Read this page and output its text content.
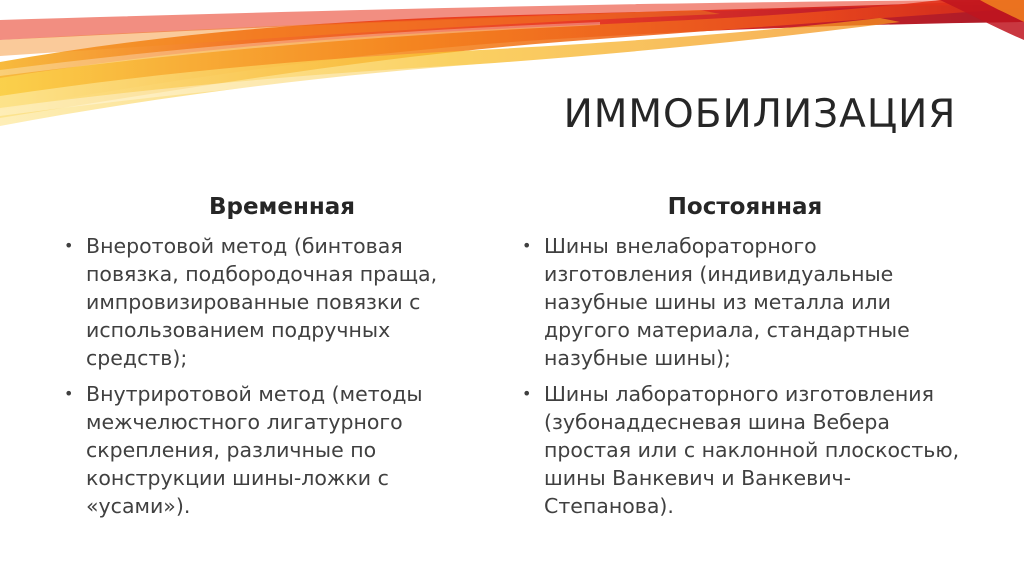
ИММОБИЛИЗАЦИЯ
Временная
• Внеротовой метод (бинтовая повязка, подбородочная праща, импровизированные повязки с использованием подручных средств);
• Внутриротовой метод (методы межчелюстного лигатурного скрепления, различные по конструкции шины-ложки с «усами»).
Постоянная
• Шины внелабораторного изготовления (индивидуальные назубные шины из металла или другого материала, стандартные назубные шины);
• Шины лабораторного изготовления (зубонаддесневая шина Вебера простая или с наклонной плоскостью, шины Ванкевич и Ванкевич-Степанова).
